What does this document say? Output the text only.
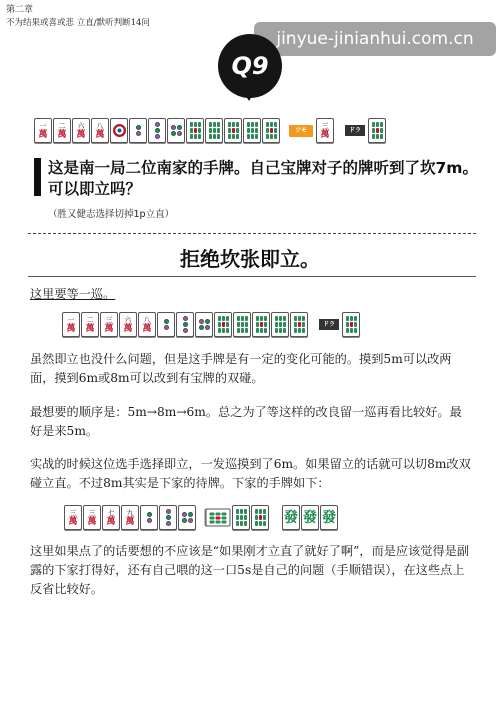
第二章
不为结果或喜或悲 立直/默听判断14问
jinyue-jinianhui.com.cn
Q9
一
萬
二
萬
六
萬
八
萬	ツモ
三
萬	ドラ
这是南一局二位南家的手牌。自己宝牌对子的牌听到了坎7m。可以即立吗？
（胜又健志选择切掉1p立直）
拒绝坎张即立。
这里要等一巡。
一
萬
二
萬
三
萬
六
萬
八
萬	ドラ
虽然即立也没什么问题，但是这手牌是有一定的变化可能的。摸到5m可以改两面，摸到6m或8m可以改到有宝牌的双碰。
最想要的顺序是：5m→8m→6m。总之为了等这样的改良留一巡再看比较好。最好是来5m。
实战的时候这位选手选择即立，一发巡摸到了6m。如果留立的话就可以切8m改双碰立直。不过8m其实是下家的待牌。下家的手牌如下：
三
萬
三
萬
七
萬
九
萬	發 發 發
这里如果点了的话要想的不应该是“如果刚才立直了就好了啊”，而是应该觉得是副露的下家打得好，还有自己喂的这一口5s是自己的问题（手顺错误），在这些点上反省比较好。
